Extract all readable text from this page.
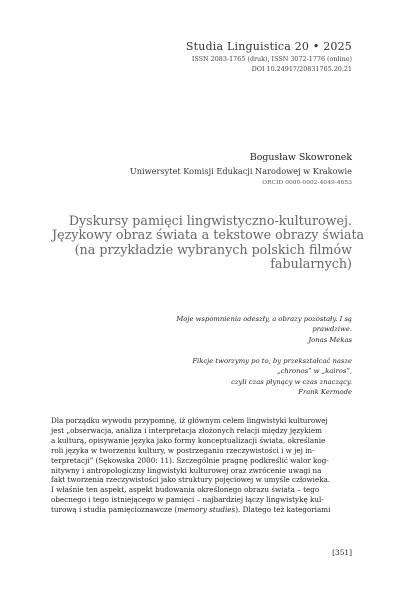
Studia Linguistica 20 • 2025
ISSN 2083-1765 (druk), ISSN 3072-1776 (online)
DOI 10.24917/20831765.20.21
Bogusław Skowronek
Uniwersytet Komisji Edukacji Narodowej w Krakowie
ORCID 0000-0002-4049-4653
Dyskursy pamięci lingwistyczno-kulturowej.
Językowy obraz świata a tekstowe obrazy świata
(na przykładzie wybranych polskich filmów
fabularnych)
Moje wspomnienia odeszły, a obrazy pozostały. I są
prawdziwe.
Jonas Mekas
Fikcje tworzymy po to, by przekształcać nasze
„chronos” w „kairos”,
czyli czas płynący w czas znaczący.
Frank Kermode
Dla porządku wywodu przypomnę, iż głównym celem lingwistyki kulturowej
jest „obserwacja, analiza i interpretacja złożonych relacji między językiem
a kulturą, opisywanie języka jako formy konceptualizacji świata, określanie
roli języka w tworzeniu kultury, w postrzeganiu rzeczywistości i w jej in-
terpretacji” (Sękowska 2000: 11). Szczególnie pragnę podkreślić walor kog-
nitywny i antropologiczny lingwistyki kulturowej oraz zwrócenie uwagi na
fakt tworzenia rzeczywistości jako struktury pojęciowej w umyśle człowieka.
I właśnie ten aspekt, aspekt budowania określonego obrazu świata – tego
obecnego i tego istniejącego w pamięci – najbardziej łączy lingwistykę kul-
turową i studia pamięcioznawcze (memory studies). Dlatego też kategoriami
[351]
